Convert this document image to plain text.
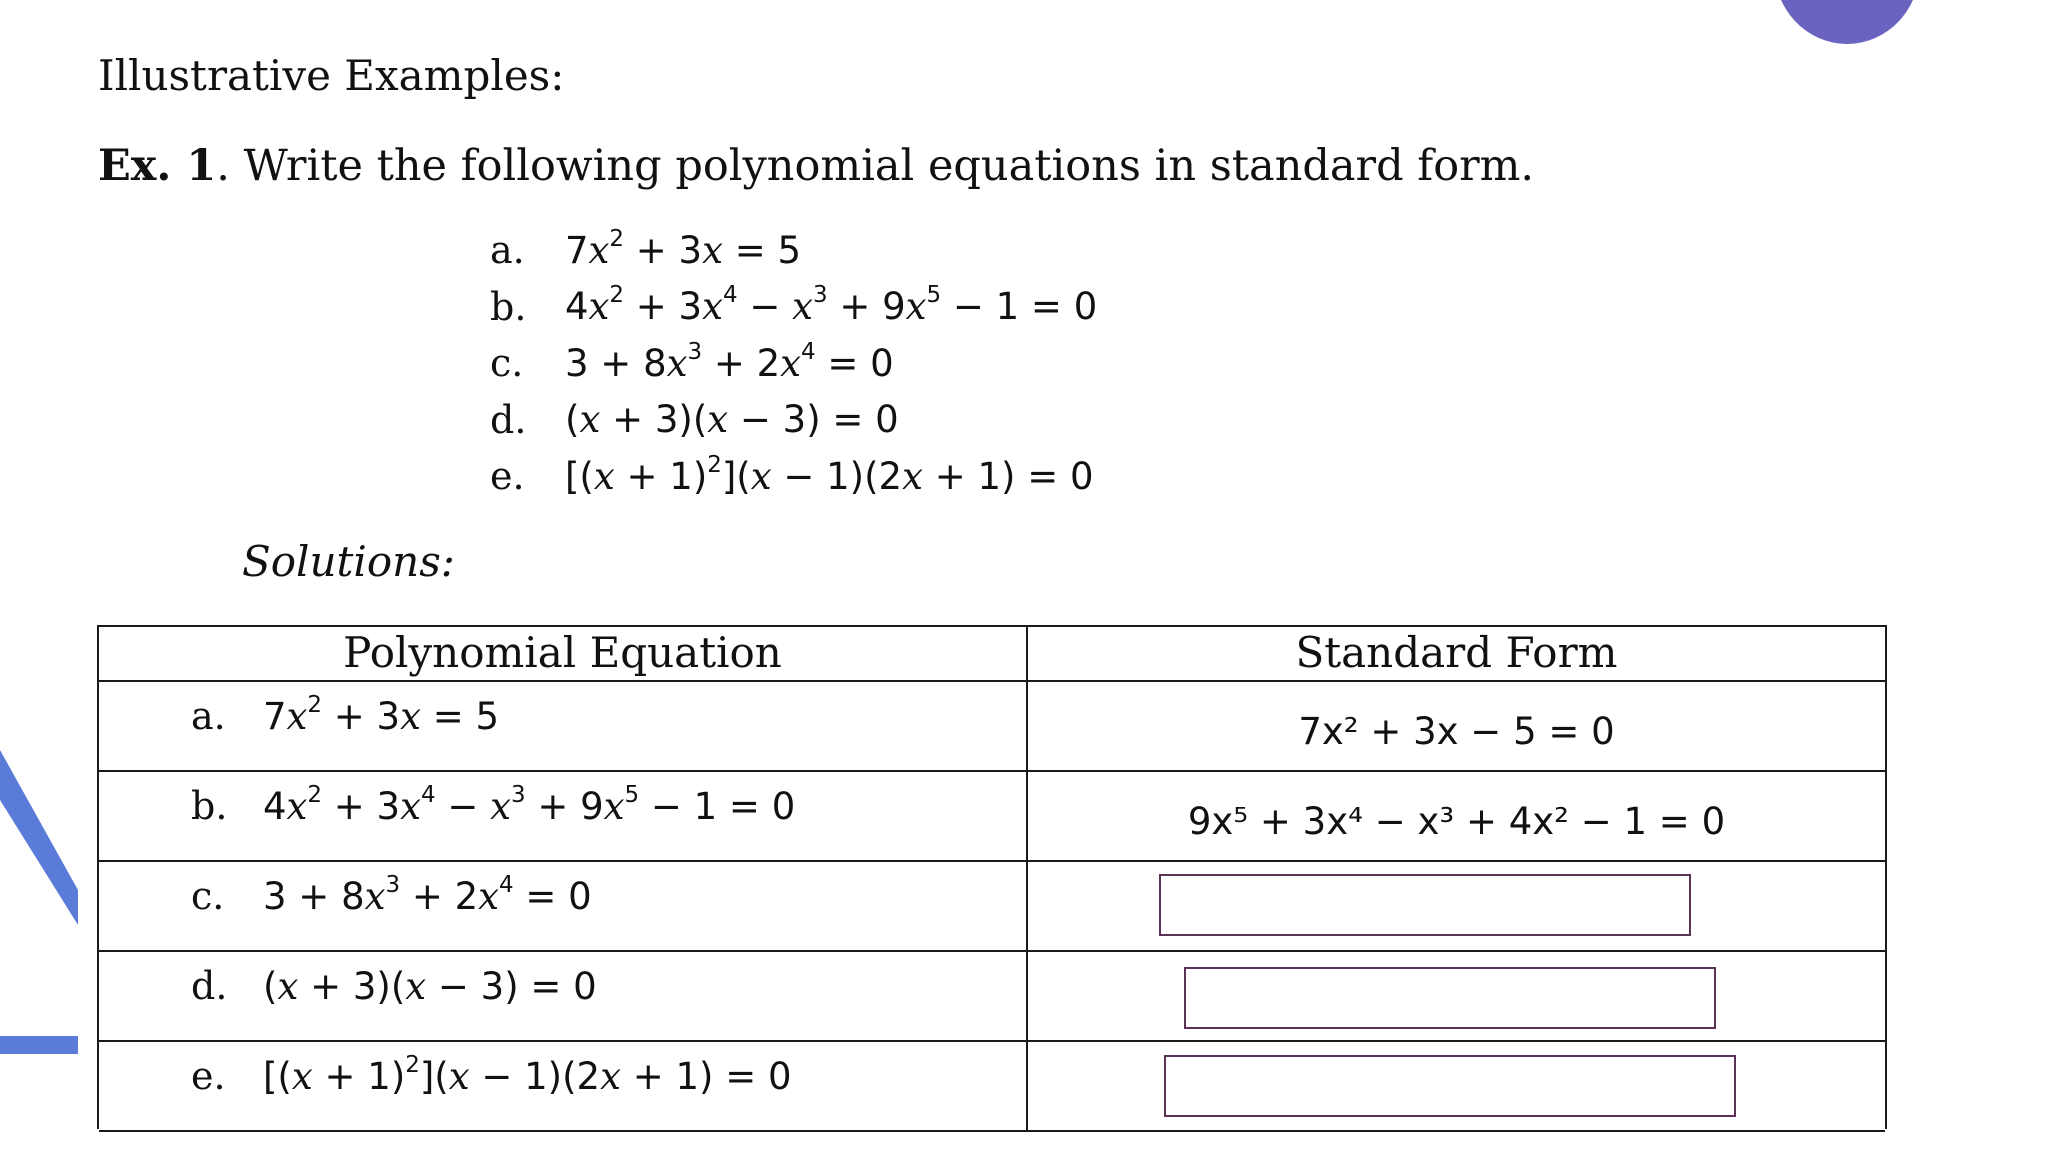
Illustrative Examples:
Ex. 1. Write the following polynomial equations in standard form.
a.	$7x^2 + 3x = 5$
b.	$4x^2 + 3x^4 - x^3 + 9x^5 - 1 = 0$
c.	$3 + 8x^3 + 2x^4 = 0$
d.	(x + 3)(x − 3) = 0
e.	$[(x + 1)^2](x - 1)(2x + 1) = 0$
Solutions:
Polynomial Equation	Standard Form
a.	$7x^2 + 3x = 5$	7x² + 3x − 5 = 0
b. $4x^2 + 3x^4 - x^3 + 9x^5 - 1 = 0$	9x⁵ + 3x⁴ − x³ + 4x² − 1 = 0
c.	$3 + 8x^3 + 2x^4 = 0$
d. (x + 3)(x − 3) = 0
e.	$[(x + 1)^2](x - 1)(2x + 1) = 0$
